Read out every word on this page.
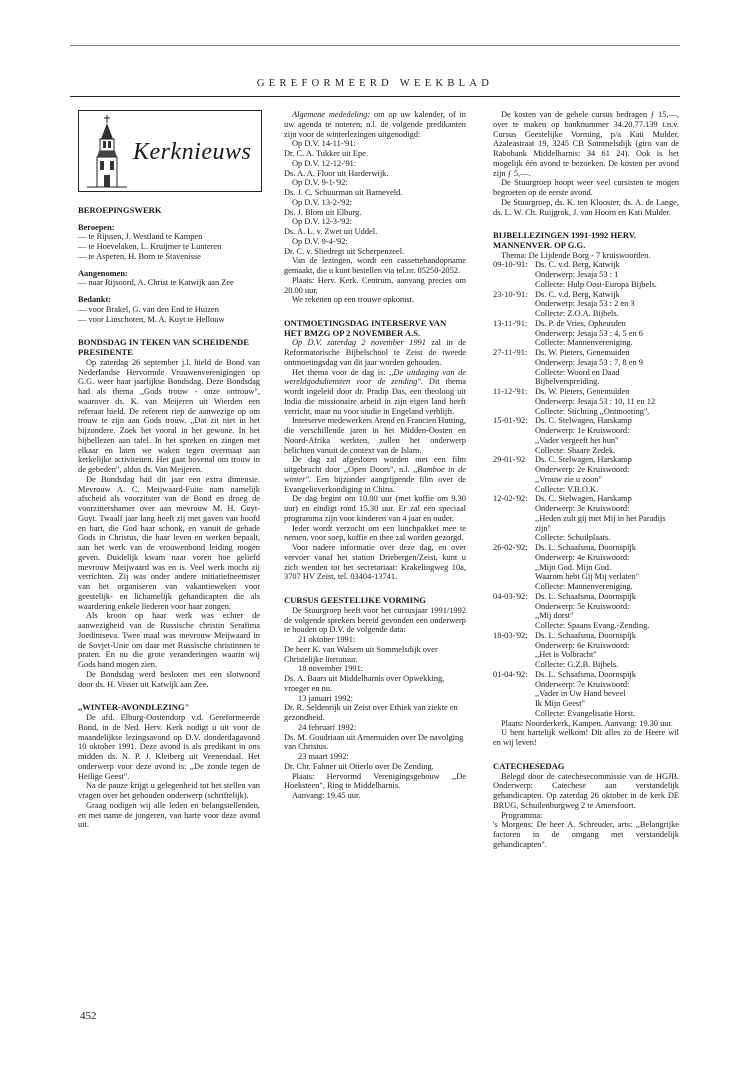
GEREFORMEERD WEEKBLAD
Kerknieuws
BEROEPINGSWERK
Beroepen:
— te Rijssen, J. Westland te Kampen
— te Hoevelaken, L. Kruijmer te Lunteren
— te Asperen, H. Born te Stavenisse
Aangenomen:
— naar Rijsoord, A. Christ te Katwijk aan Zee
Bedankt:
— voor Brakel, G. van den End te Huizen
— voor Linschoten, M. A. Kuyt te Hellouw
BONDSDAG IN TEKEN VAN SCHEIDENDE PRESIDENTE

Op zaterdag 26 september j.l. hield de Bond van Nederlandse Hervormde Vrouwenverenigingen op G.G. weer haar jaarlijkse Bondsdag. Deze Bondsdag had als thema ,,Gods trouw - onze ontrouw", waarover ds. K. van Meijeren uit Wierden een referaat hield. De referent riep de aanwezige op om trouw te zijn aan Gods trouw. ,,Dat zit niet in het bijzondere. Zoek het vooral in het gewone. In het bijbellezen aan tafel. In het spreken en zingen met elkaar en laten we waken tegen overmaat aan kerkelijke activiteiten. Het gaat bovenal om trouw in de gebeden", aldus ds. Van Meijeren.

De Bondsdag had dit jaar een extra dimensie. Mevrouw A. C. Meijwaard-Fuite nam namelijk afscheid als voorzitster van de Bond en droeg de voorzittershamer over aan mevrouw M. H. Guyt-Guyt. Twaalf jaar lang heeft zij met gaven van hoofd en hart, die God haar schonk, en vanuit de gehade Gods in Christus, die haar leven en werken bepaalt, aan het werk van de vrouwenbond leiding mogen geven. Duidelijk kwam naar voren hoe geliefd mevrouw Meijwaard was en is. Veel werk mocht zij verrichten. Zij was onder andere initiatiefneemster van het organiseren van vakantieweken voor geestelijk- en lichamelijk gehandicapten die als waardering enkele liederen voor haar zongen.

Als kroon op haar werk was echter de aanwezigheid van de Russische christin Serafima Joedintseva. Twee maal was mevrouw Meijwaard in de Sovjet-Unie om daar met Russische christinnen te praten. En nu die grote veranderingen waarin wij Gods hand mogen zien.

De Bondsdag werd besloten met een slotwoord door ds. H. Visser uit Katwijk aan Zee.

,,WINTER-AVONDLEZING"

De afd. Elburg-Oostendorp v.d. Gereformeerde Bond, in de Ned. Herv. Kerk nodigt u uit voor de maandelijkse lezingsavond op D.V. donderdagavond 10 oktober 1991. Deze avond is als predikant in ons midden ds. N. P. J. Kleiberg uit Veenendaal. Het onderwerp voor deze avond is: ,,De zonde tegen de Heilige Geest".

Na de pauze krijgt u gelegenheid tot het stellen van vragen over het gehouden onderwerp (schriftelijk).

Graag nodigen wij alle leden en belangstellenden, en met name de jongeren, van harte voor deze avond uit.

Algemene mededeling: om op uw kalender, of in uw agenda te noteren; n.l. de volgende predikanten zijn voor de winterlezingen uitgenodigd:

Op D.V. 14-11-'91:
Dr. C. A. Tukker uit Epe.
Op D.V. 12-12-'91:
Ds. A. A. Floor uit Harderwijk.
Op D.V. 9-1-'92:
Ds. J. C. Schuurman uit Barneveld.
Op D.V. 13-2-'92:
Ds. J. Blom uit Elburg.
Op D.V. 12-3-'92:
Ds. A. L. v. Zwet uit Uddel.
Op D.V. 9-4-'92:
Dr. C. v. Sliedregt uit Scherpenzeel.

Van de lezingen, wordt een cassettebandopname gemaakt, die u kunt bestellen via tel.nr. 05250-2052.

Plaats: Herv. Kerk. Centrum, aanvang precies om 20.00 uur.

We rekenen op een trouwe opkomst.

ONTMOETINGSDAG INTERSERVE VAN HET BMZG OP 2 NOVEMBER A.S.

Op D.V. zaterdag 2 november 1991 zal in de Reformatorische Bijbelschool te Zeist de tweede ontmoetingsdag van dit jaar worden gehouden.

Het thema voor de dag is: ,,De uitdaging van de wereldgodsdiensten voor de zending". Dit thema wordt ingeleid door dr. Pradip Das, een theoloog uit India die missionaire arbeid in zijn eigen land heeft verricht, maar nu voor studie in Engeland verblijft.

Interserve medewerkers Arend en Francien Hutting, die verschillende jaren in het Midden-Oosten en Noord-Afrika werkten, zullen het onderwerp belichten vanuit de context van de Islam.

De dag zal afgesloten worden met een film uitgebracht door ,,Open Doors", n.l. ,,Bamboe in de winter". Een bijzonder aangrijpende film over de Evangelieverkondiging in China.

De dag begint om 10.00 uur (met koffie om 9.30 uur) en eindigt rond 15.30 uur. Er zal een speciaal programma zijn voor kinderen van 4 jaar en ouder.

Ieder wordt verzocht om een lunchpakket mee te nemen, voor soep, koffie en thee zal worden gezorgd.

Voor nadere informatie over deze dag, en over vervoer vanaf het station Driebergen/Zeist, kunt u zich wenden tot het secretariaat: Krakelingweg 10a, 3707 HV Zeist, tel. 03404-13741.

CURSUS GEESTELIJKE VORMING

De Stuurgroep heeft voor het cursusjaar 1991/1992 de volgende sprekers bereid gevonden een onderwerp te houden op D.V. de volgende data:

21 oktober 1991:
De heer K. van Walsem uit Sommelsdijk over Christelijke literatuur.
18 november 1991:
Ds. A. Baars uit Middelharnis over Opwekking, vroeger en nu.
13 januari 1992:
Dr. R. Seldenrijk uit Zeist over Ethiek van ziekte en gezondheid.
24 februari 1992:
Ds. M. Goudriaan uit Arnemuiden over De navolging van Christus.
23 maart 1992:
Dr. Chr. Fahner uit Otterlo over De Zending.

Plaats: Hervormd Verenigingsgebouw ,,De Hoeksteen", Ring te Middelharnis.

Aanvang: 19.45 uur.

De kosten van de gehele cursus bedragen ƒ 15,—, over te maken op banknummer 34.20.77.139 t.n.v. Cursus Geestelijke Vorming, p/a Kati Mulder, Azaleastraat 19, 3245 CB Sommelsdijk (giro van de Rabobank Middelharnis: 34 61 24). Ook is het mogelijk één avond te bezoeken. De kosten per avond zijn ƒ 5,—.

De Stuurgroep hoopt weer veel cursisten te mogen begroeten op de eerste avond.

De Stuurgroep, ds. K. ten Klooster, ds. A. de Lange, ds. L. W. Ch. Ruijgrok, J. van Hoorn en Kati Mulder.

BIJBELLEZINGEN 1991-1992 HERV. MANNENVER. OP G.G.

Thema: De Lijdende Borg - 7 kruiswoorden.

09-10-'91: Ds. C. v.d. Berg, Katwijk
Onderwerp: Jesaja 53 : 1
Collecte: Hulp Oost-Europa Bijbels.
23-10-'91: Ds. C. v.d. Berg, Katwijk
Onderwerp: Jesaja 53 : 2 en 3
Collecte: Z.O.A. Bijbels.
13-11-'91: Ds. P. de Vries, Opheusden
Onderwerp: Jesaja 53 : 4, 5 en 6
Collecte: Mannenvereniging.
27-11-'91: Ds. W. Pieters, Genemuiden
Onderwerp: Jesaja 53 : 7, 8 en 9
Collecte: Woord en Daad Bijbelverspreiding.
11-12-'91: Ds. W. Pieters, Genemuiden
Onderwerp: Jesaja 53 : 10, 11 en 12
Collecte: Stichting ,,Ontmoeting".
15-01-'92: Ds. C. Stelwagen, Harskamp
Onderwerp: 1e Kruiswoord:
,,Vader vergeeft het hun"
Collecte: Shaare Zedek.
29-01-'92	Ds. C. Stelwagen, Harskamp
Onderwerp: 2e Kruiswoord:
,,Vrouw zie u zoon"
Collecte: V.B.O.K.
12-02-'92: Ds. C. Stelwagen, Harskamp
Onderwerp: 3e Kruiswoord:
,,Heden zult gij met Mij in het Paradijs zijn"
Collecte: Schuilplaats.
26-02-'92: Ds. L. Schaafsma, Doornspijk
Onderwerp: 4e Kruiswoord:
,,Mijn God. Mijn God.
Waarom hebt Gij Mij verlaten"
Collecte: Mannenvereniging.
04-03-'92: Ds. L. Schaafsma, Doornspijk
Onderwerp: 5e Kruiswoord:
,,Mij dorst"
Collecte: Spaans Evang.-Zending.
18-03-'92: Ds. L. Schaafsma, Doornspijk
Onderwerp: 6e Kruiswoord:
,,Het is Volbracht"
Collecte: G.Z.B. Bijbels.
01-04-'92: Ds. L. Schaafsma, Doornspijk
Onderwerp: 7e Kruiswoord:
,,Vader in Uw Hand beveel
Ik Mijn Geest"
Collecte: Evangelisatie Horst.

Plaats: Noorderkerk, Kampen. Aanvang: 19.30 uur.

U bent hartelijk welkom! Dit alles zo de Heere wil en wij leven!

CATECHESEDAG

Belegd door de catechesecommissie van de HGJB. Onderwerp: Catechese aan verstandelijk gehandicapten. Op zaterdag 26 oktober in de kerk DE BRUG, Schuilenburgweg 2 te Amersfoort.

Programma:

's Morgens: De heer A. Schreuder, arts: ,,Belangrijke factoren in de omgang met verstandelijk gehandicapten".

452
